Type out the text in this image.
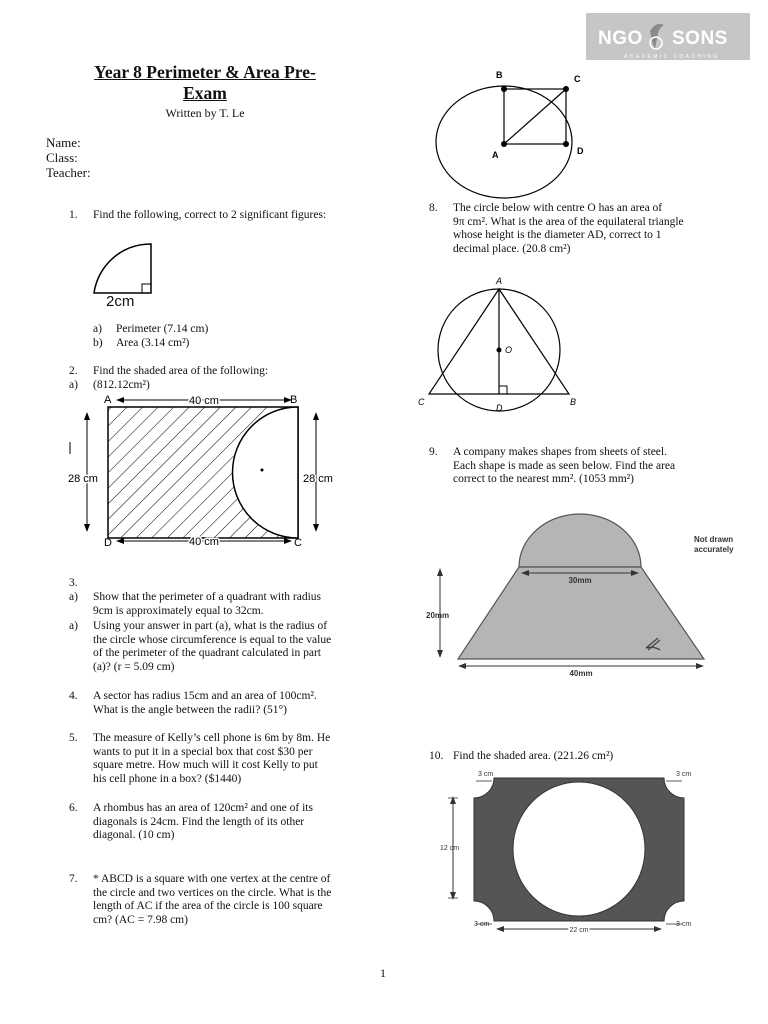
NGO SONS
ACADEMIC COACHING
Year 8 Perimeter & Area Pre-
Exam
Written by T. Le
Name:
Class:
Teacher:
1. Find the following, correct to 2 significant figures:
2cm
a) Perimeter (7.14 cm)
b) Area (3.14 cm²)
2. Find the shaded area of the following:
a) (812.12cm²)
A	B
C
D
40 cm
40 cm
28 cm	28 cm
3.
a) Show that the perimeter of a quadrant with radius
9cm is approximately equal to 32cm.
a) Using your answer in part (a), what is the radius of
the circle whose circumference is equal to the value
of the perimeter of the quadrant calculated in part
(a)? (r = 5.09 cm)
4. A sector has radius 15cm and an area of 100cm².
What is the angle between the radii? (51°)
5. The measure of Kelly’s cell phone is 6m by 8m. He
wants to put it in a special box that cost $30 per
square metre. How much will it cost Kelly to put
his cell phone in a box? ($1440)
6. A rhombus has an area of 120cm² and one of its
diagonals is 24cm. Find the length of its other
diagonal. (10 cm)
7. * ABCD is a square with one vertex at the centre of
the circle and two vertices on the circle. What is the
length of AC if the area of the circle is 100 square
cm? (AC = 7.98 cm)
B	C
A	D
8. The circle below with centre O has an area of
9π cm². What is the area of the equilateral triangle
whose height is the diameter AD, correct to 1
decimal place. (20.8 cm²)
A
O
C
D
B
9. A company makes shapes from sheets of steel.
Each shape is made as seen below. Find the area
correct to the nearest mm². (1053 mm²)
30mm
20mm
40mm
Not drawn
accurately
10. Find the shaded area. (221.26 cm²)
3 cm	3 cm
12 cm
3 cm
22 cm
3 cm
1
